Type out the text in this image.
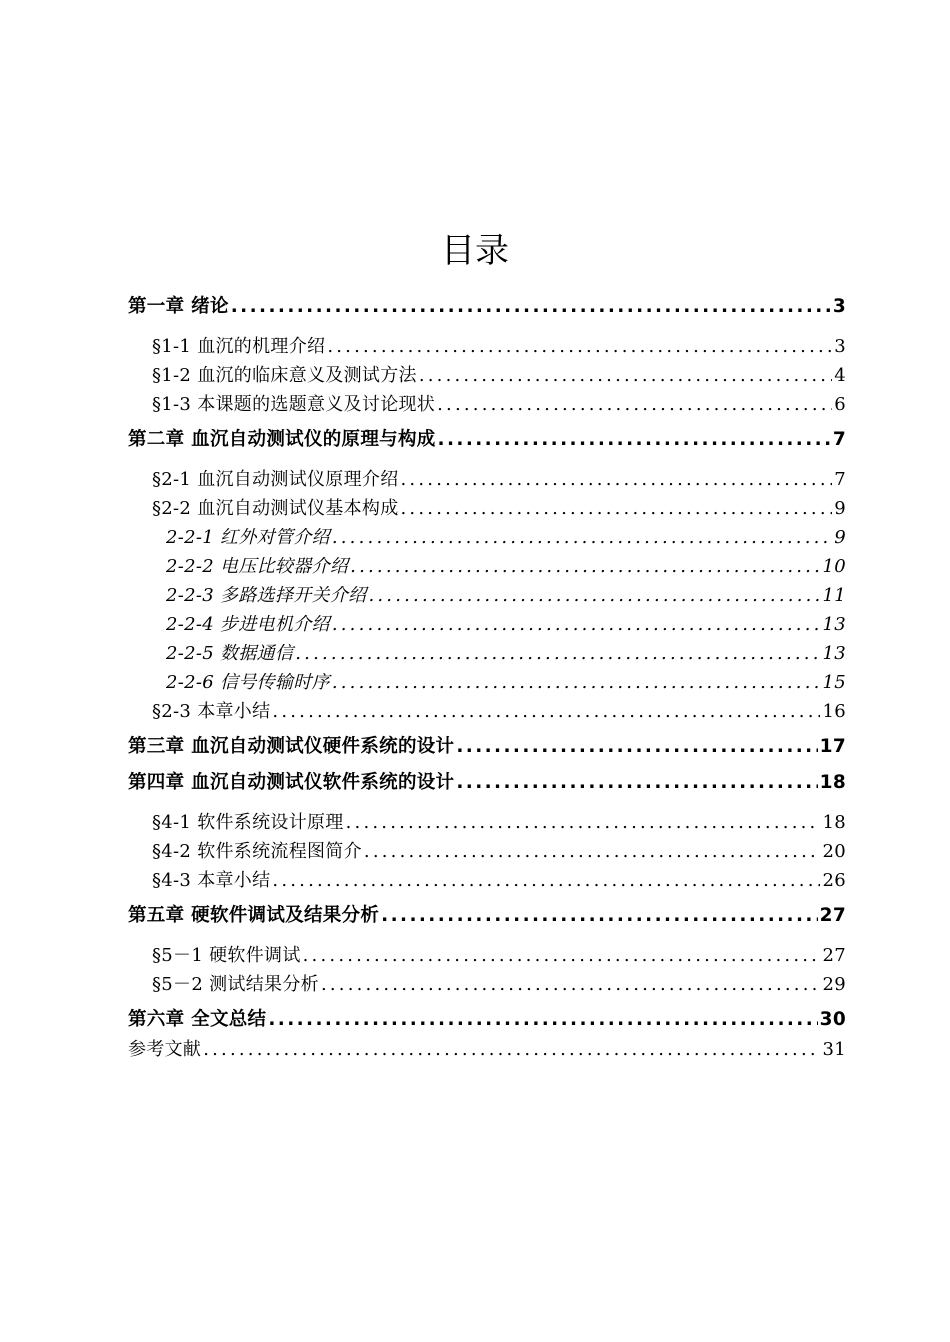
目录
第一章 绪论 .....	3
§1-1 血沉的机理介绍 .....	3
§1-2 血沉的临床意义及测试方法 .....	4
§1-3 本课题的选题意义及讨论现状 .....	6
第二章 血沉自动测试仪的原理与构成 .....	7
§2-1 血沉自动测试仪原理介绍 .....	7
§2-2 血沉自动测试仪基本构成 .....	9
2-2-1 红外对管介绍 .....	9
2-2-2 电压比较器介绍 .....	10
2-2-3 多路选择开关介绍 .....	11
2-2-4 步进电机介绍 .....	13
2-2-5 数据通信 .....	13
2-2-6 信号传输时序 .....	15
§2-3 本章小结 .....	16
第三章 血沉自动测试仪硬件系统的设计 .....	17
第四章 血沉自动测试仪软件系统的设计 .....	18
§4-1 软件系统设计原理 .....	18
§4-2 软件系统流程图简介 .....	20
§4-3 本章小结 .....	26
第五章 硬软件调试及结果分析 .....	27
§5－1 硬软件调试 .....	27
§5－2 测试结果分析 .....	29
第六章 全文总结 .....	30
参考文献 .....	31
